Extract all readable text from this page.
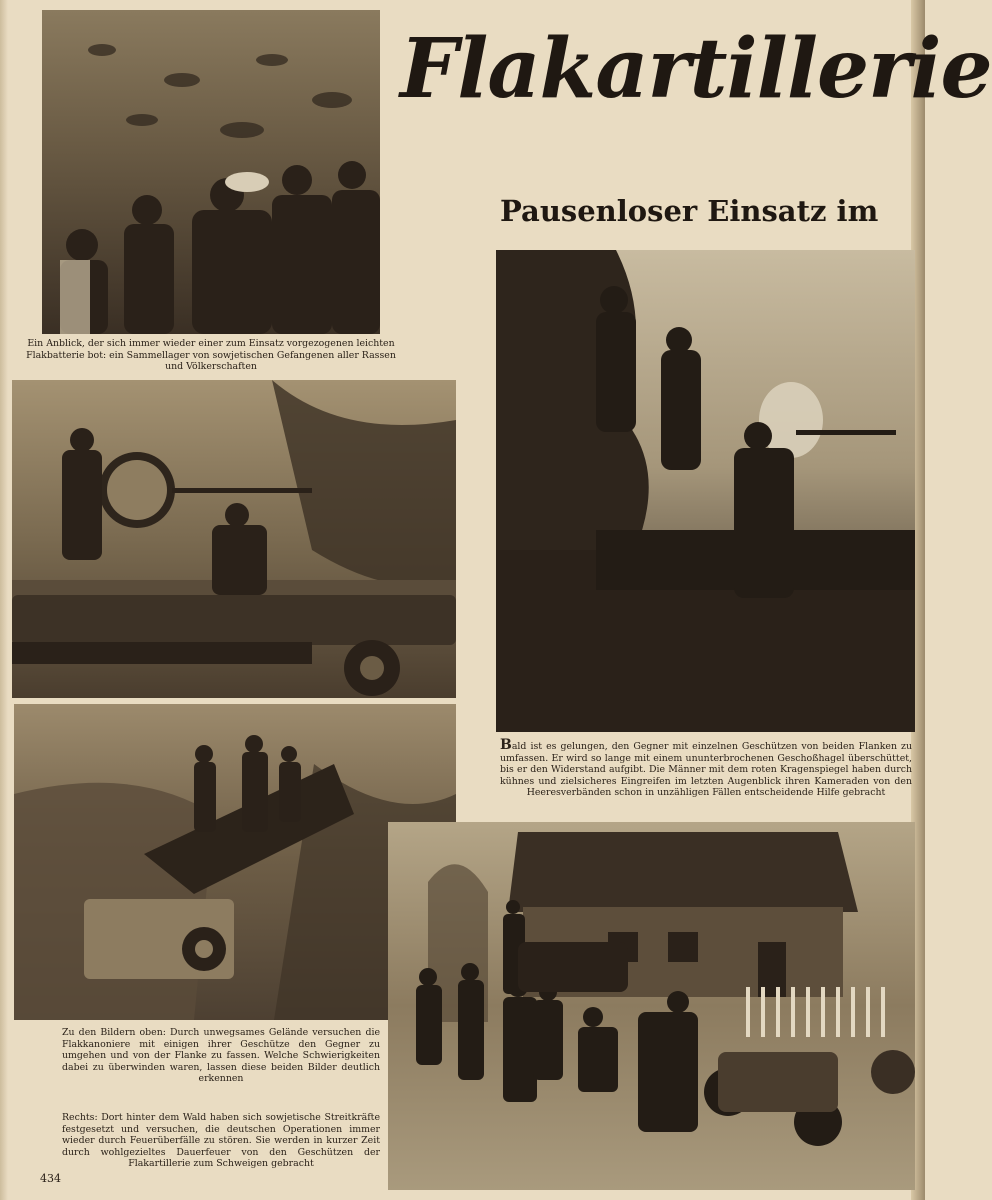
Ein Anblick, der sich immer wieder einer zum Einsatz vorgezogenen leichten Flakbatterie bot: ein Sammellager von sowjetischen Gefangenen aller Rassen und Völkerschaften
Zu den Bildern oben: Durch unwegsames Gelände versuchen die Flakkanoniere mit einigen ihrer Geschütze den Gegner zu umgehen und von der Flanke zu fassen. Welche Schwierigkeiten dabei zu überwinden waren, lassen diese beiden Bilder deutlich erkennen
Rechts: Dort hinter dem Wald haben sich sowjetische Streitkräfte festgesetzt und versuchen, die deutschen Operationen immer wieder durch Feuerüberfälle zu stören. Sie werden in kurzer Zeit durch wohlgezieltes Dauerfeuer von den Geschützen der Flakartillerie zum Schweigen gebracht
Flakartillerie
Pausenloser Einsatz im
Bald ist es gelungen, den Gegner mit einzelnen Geschützen von beiden Flanken zu umfassen. Er wird so lange mit einem ununterbrochenen Geschoßhagel überschüttet, bis er den Widerstand aufgibt. Die Männer mit dem roten Kragenspiegel haben durch kühnes und zielsicheres Eingreifen im letzten Augenblick ihren Kameraden von den Heeresverbänden schon in unzähligen Fällen entscheidende Hilfe gebracht
434
